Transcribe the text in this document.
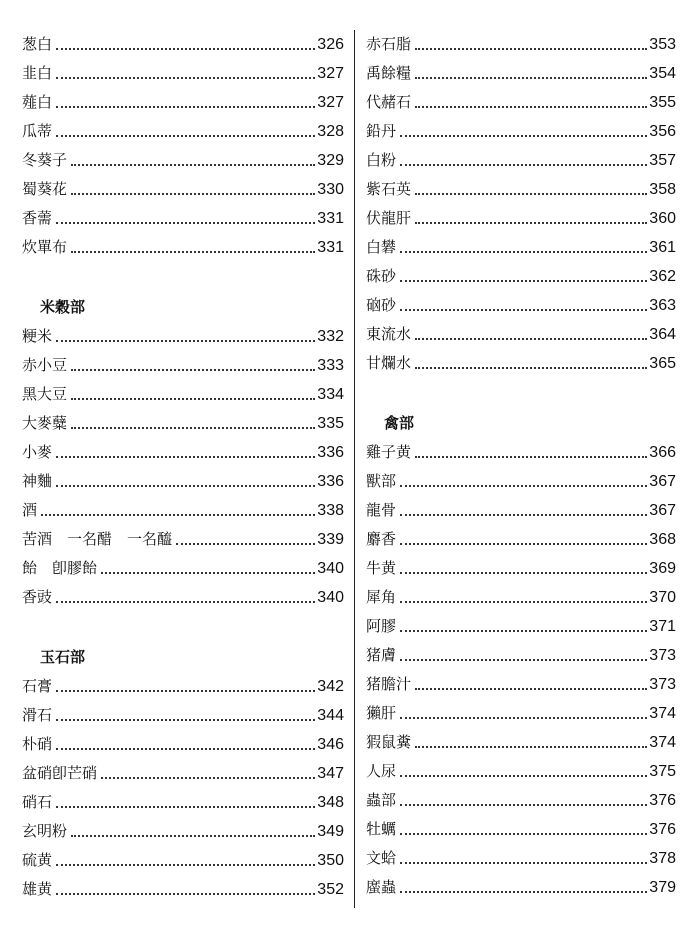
葱白	326
韭白	327
薤白	327
瓜蒂	328
冬葵子	329
蜀葵花	330
香薷	331
炊單布	331
米穀部
粳米	332
赤小豆	333
黑大豆	334
大麥糵	335
小麥	336
神麯	336
酒	338
苦酒　一名醋　一名醯	339
飴　卽膠飴	340
香豉	340
玉石部
石膏	342
滑石	344
朴硝	346
盆硝卽芒硝	347
硝石	348
玄明粉	349
硫黄	350
雄黄	352
赤石脂	353
禹餘糧	354
代赭石	355
鉛丹	356
白粉	357
紫石英	358
伏龍肝	360
白礬	361
硃砂	362
硇砂	363
東流水	364
甘爛水	365
禽部
雞子黄	366
獸部	367
龍骨	367
麝香	368
牛黄	369
犀角	370
阿膠	371
猪膚	373
猪膽汁	373
獺肝	374
猳鼠糞	374
人尿	375
蟲部	376
牡蠣	376
文蛤	378
䗪蟲	379
